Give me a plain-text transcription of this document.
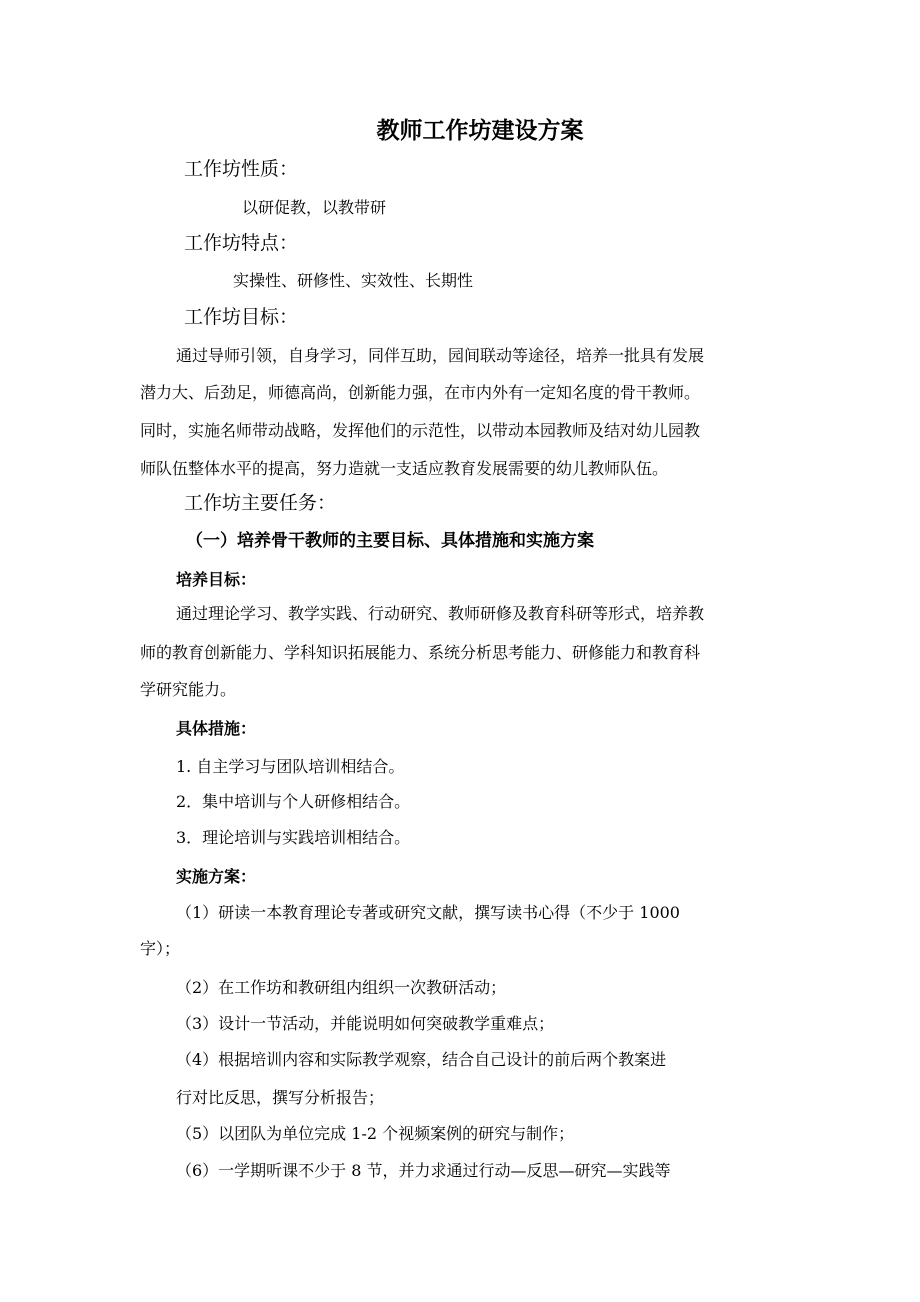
教师工作坊建设方案
工作坊性质：
以研促教，以教带研
工作坊特点：
实操性、研修性、实效性、长期性
工作坊目标：
通过导师引领，自身学习，同伴互助，园间联动等途径，培养一批具有发展
潜力大、后劲足，师德高尚，创新能力强，在市内外有一定知名度的骨干教师。
同时，实施名师带动战略，发挥他们的示范性，以带动本园教师及结对幼儿园教
师队伍整体水平的提高，努力造就一支适应教育发展需要的幼儿教师队伍。
工作坊主要任务：
（一）培养骨干教师的主要目标、具体措施和实施方案
培养目标：
通过理论学习、教学实践、行动研究、教师研修及教育科研等形式，培养教
师的教育创新能力、学科知识拓展能力、系统分析思考能力、研修能力和教育科
学研究能力。
具体措施：
1. 自主学习与团队培训相结合。
2．集中培训与个人研修相结合。
3．理论培训与实践培训相结合。
实施方案：
（1）研读一本教育理论专著或研究文献，撰写读书心得（不少于 1000
字）；
（2）在工作坊和教研组内组织一次教研活动；
（3）设计一节活动，并能说明如何突破教学重难点；
（4）根据培训内容和实际教学观察，结合自己设计的前后两个教案进
行对比反思，撰写分析报告；
（5）以团队为单位完成 1-2 个视频案例的研究与制作；
（6）一学期听课不少于 8 节，并力求通过行动—反思—研究—实践等
